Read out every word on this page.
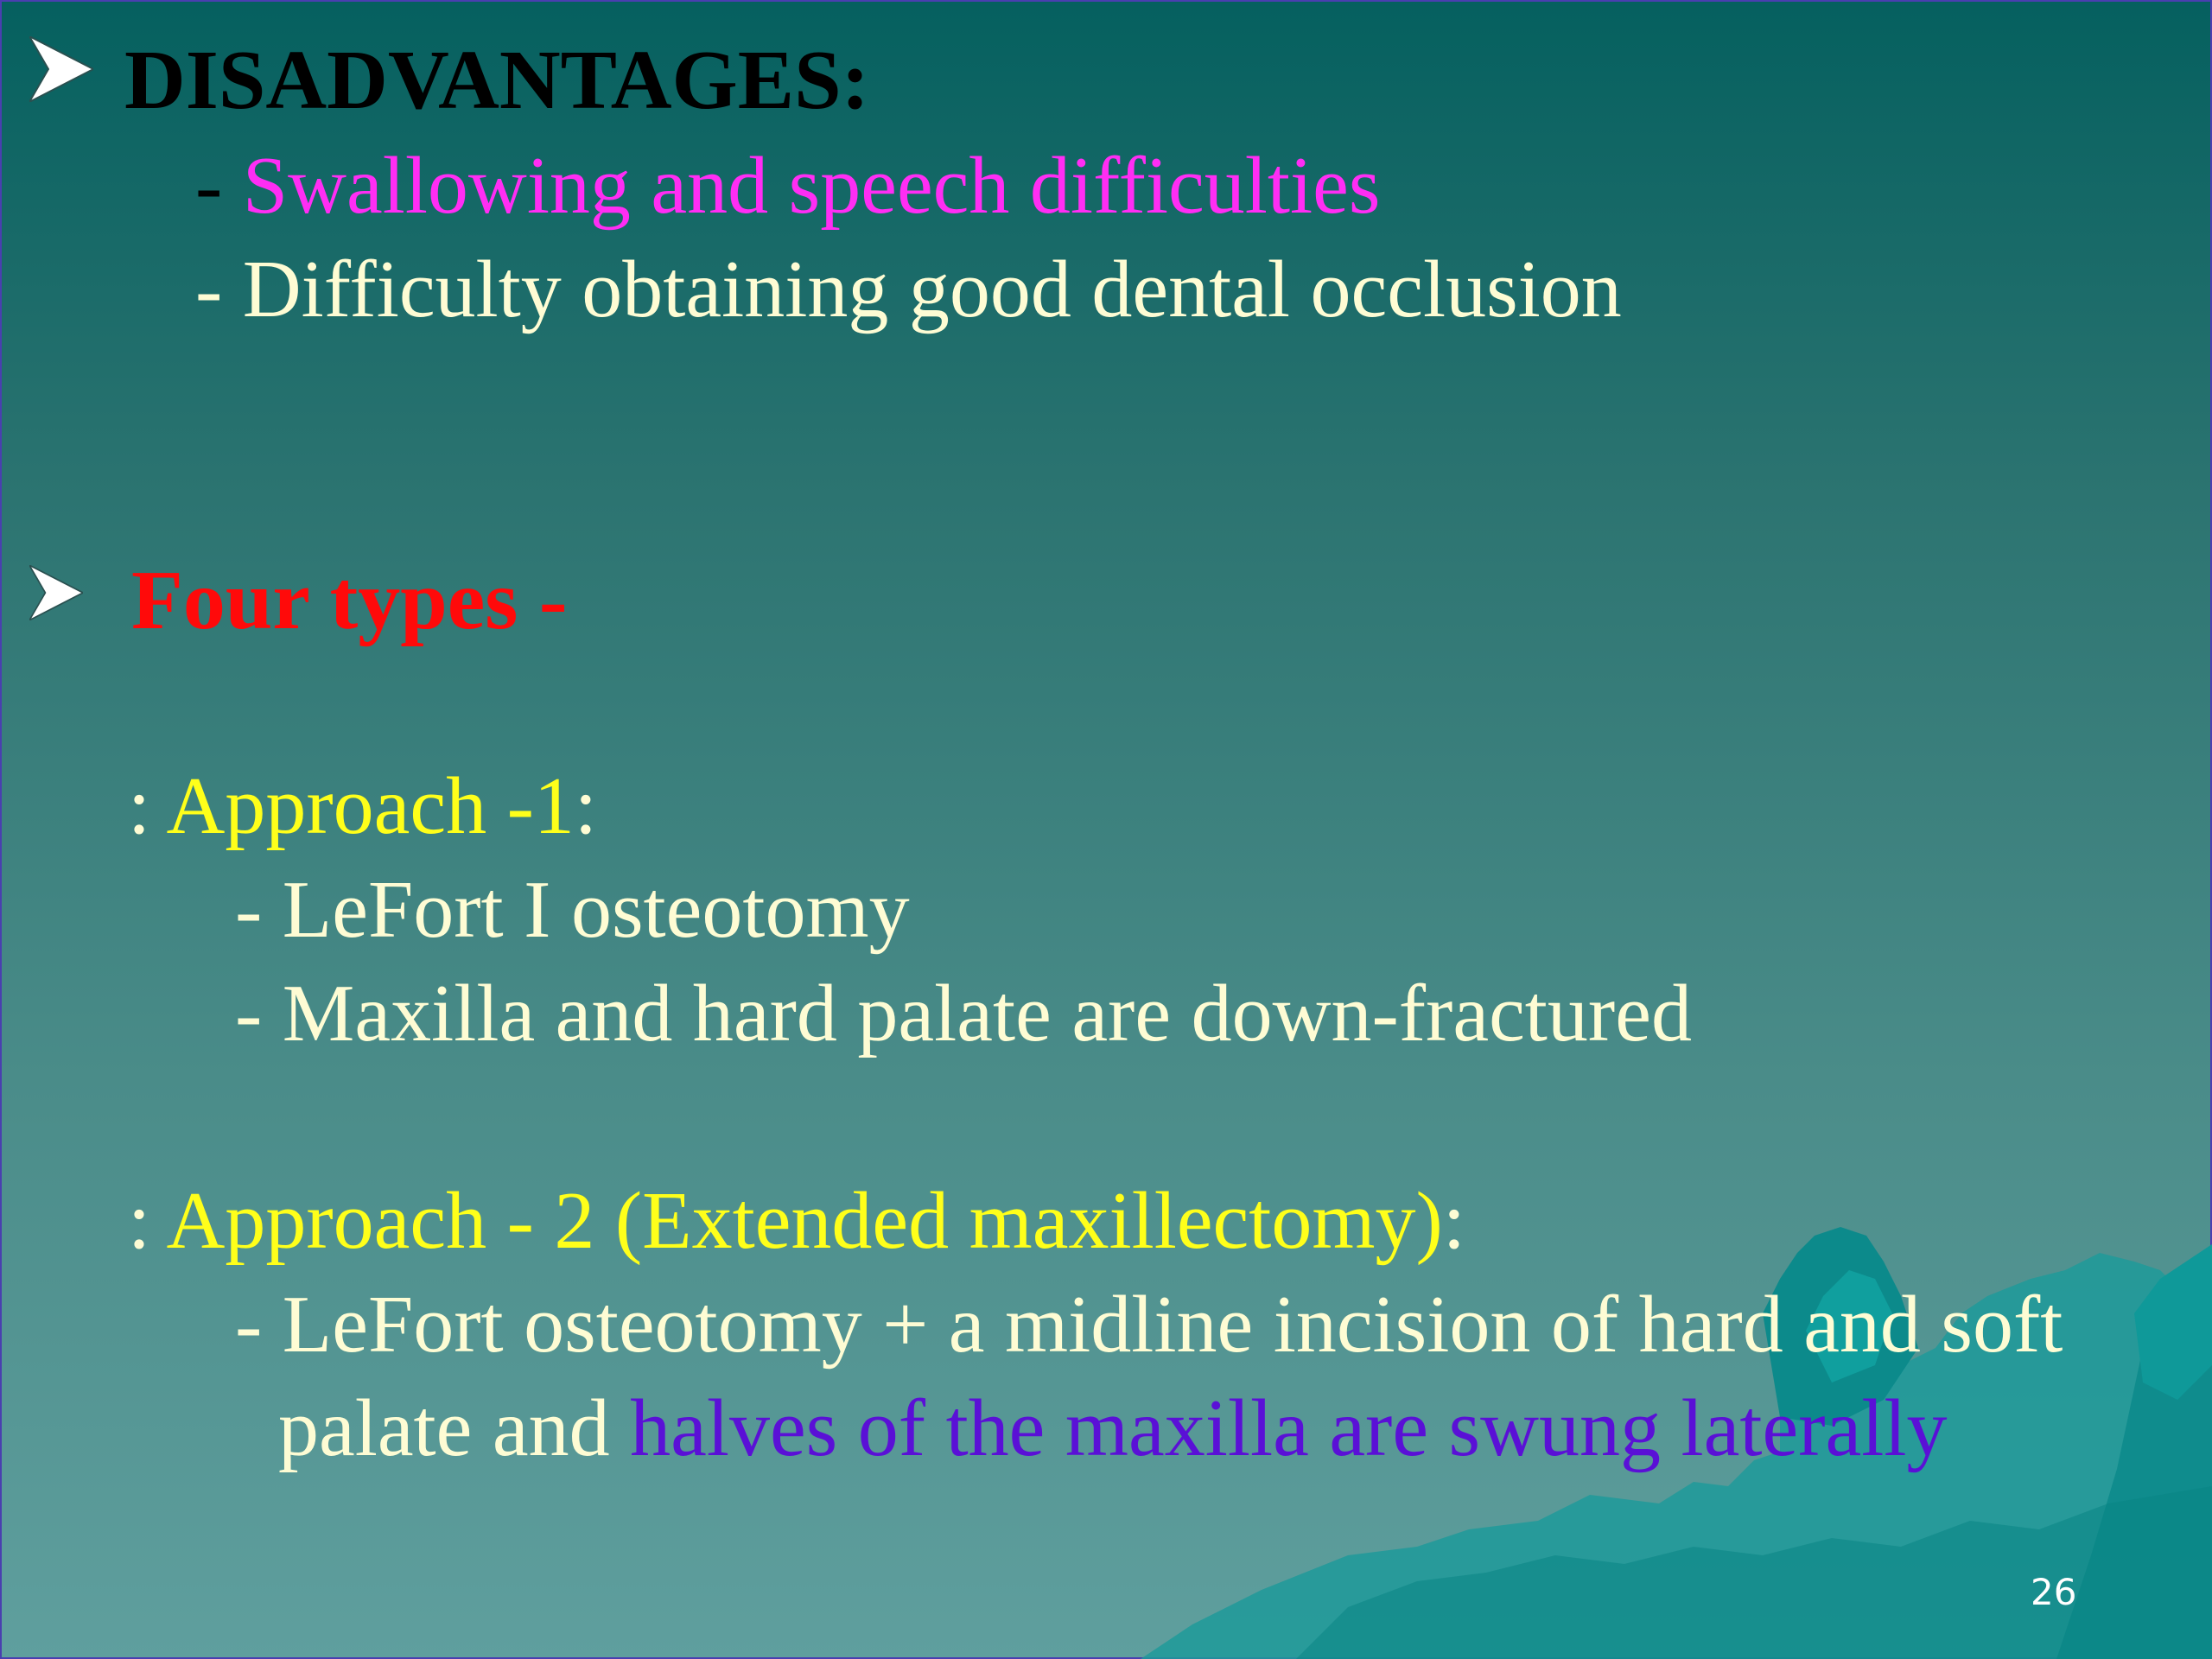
DISADVANTAGES:
- Swallowing and speech difficulties
- Difficulty obtaining good dental occlusion
Four types -
: Approach -1:
- LeFort I osteotomy
- Maxilla and hard palate are down-fractured
: Approach - 2 (Extended maxillectomy):
- LeFort osteotomy + a midline incision of hard and soft
palate and halves of the maxilla are swung laterally
26
